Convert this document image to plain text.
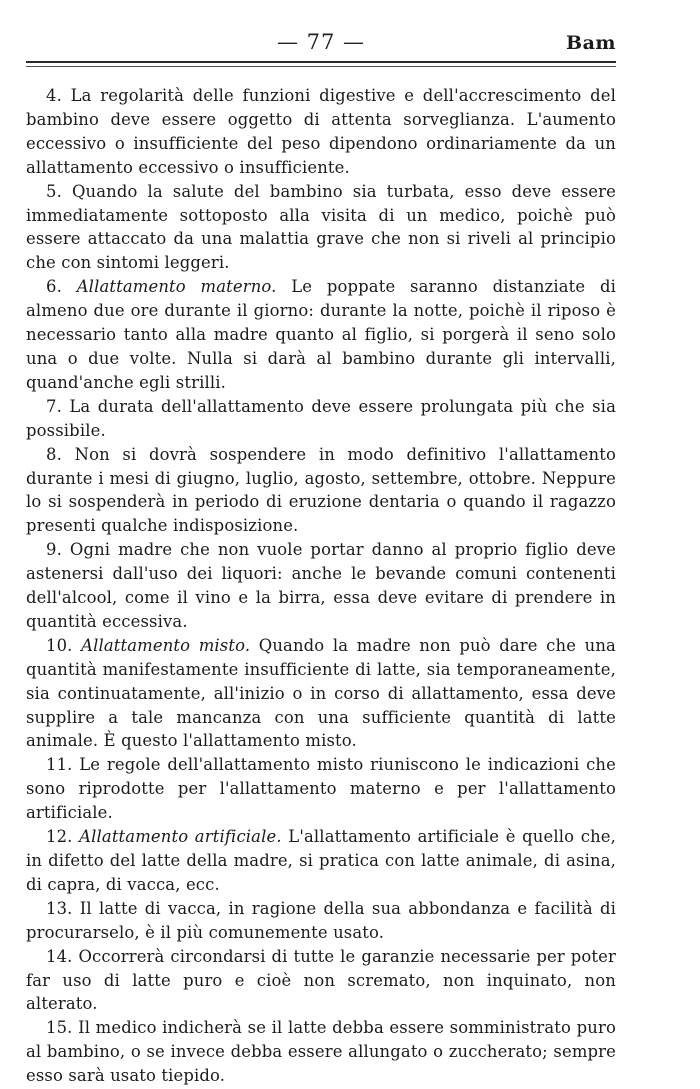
— 77 —	Bam

4. La regolarità delle funzioni digestive e dell'accrescimento del bambino deve essere oggetto di attenta sorveglianza. L'aumento eccessivo o insufficiente del peso dipendono ordinariamente da un allattamento eccessivo o insufficiente.

5. Quando la salute del bambino sia turbata, esso deve essere immediatamente sottoposto alla visita di un medico, poichè può essere attaccato da una malattia grave che non si riveli al principio che con sintomi leggeri.

6. Allattamento materno. Le poppate saranno distanziate di almeno due ore durante il giorno: durante la notte, poichè il riposo è necessario tanto alla madre quanto al figlio, si porgerà il seno solo una o due volte. Nulla si darà al bambino durante gli intervalli, quand'anche egli strilli.

7. La durata dell'allattamento deve essere prolungata più che sia possibile.

8. Non si dovrà sospendere in modo definitivo l'allattamento durante i mesi di giugno, luglio, agosto, settembre, ottobre. Neppure lo si sospenderà in periodo di eruzione dentaria o quando il ragazzo presenti qualche indisposizione.

9. Ogni madre che non vuole portar danno al proprio figlio deve astenersi dall'uso dei liquori: anche le bevande comuni contenenti dell'alcool, come il vino e la birra, essa deve evitare di prendere in quantità eccessiva.

10. Allattamento misto. Quando la madre non può dare che una quantità manifestamente insufficiente di latte, sia temporaneamente, sia continuatamente, all'inizio o in corso di allattamento, essa deve supplire a tale mancanza con una sufficiente quantità di latte animale. È questo l'allattamento misto.

11. Le regole dell'allattamento misto riuniscono le indicazioni che sono riprodotte per l'allattamento materno e per l'allattamento artificiale.

12. Allattamento artificiale. L'allattamento artificiale è quello che, in difetto del latte della madre, si pratica con latte animale, di asina, di capra, di vacca, ecc.

13. Il latte di vacca, in ragione della sua abbondanza e facilità di procurarselo, è il più comunemente usato.

14. Occorrerà circondarsi di tutte le garanzie necessarie per poter far uso di latte puro e cioè non scremato, non inquinato, non alterato.

15. Il medico indicherà se il latte debba essere somministrato puro al bambino, o se invece debba essere allungato o zuccherato; sempre esso sarà usato tiepido.
